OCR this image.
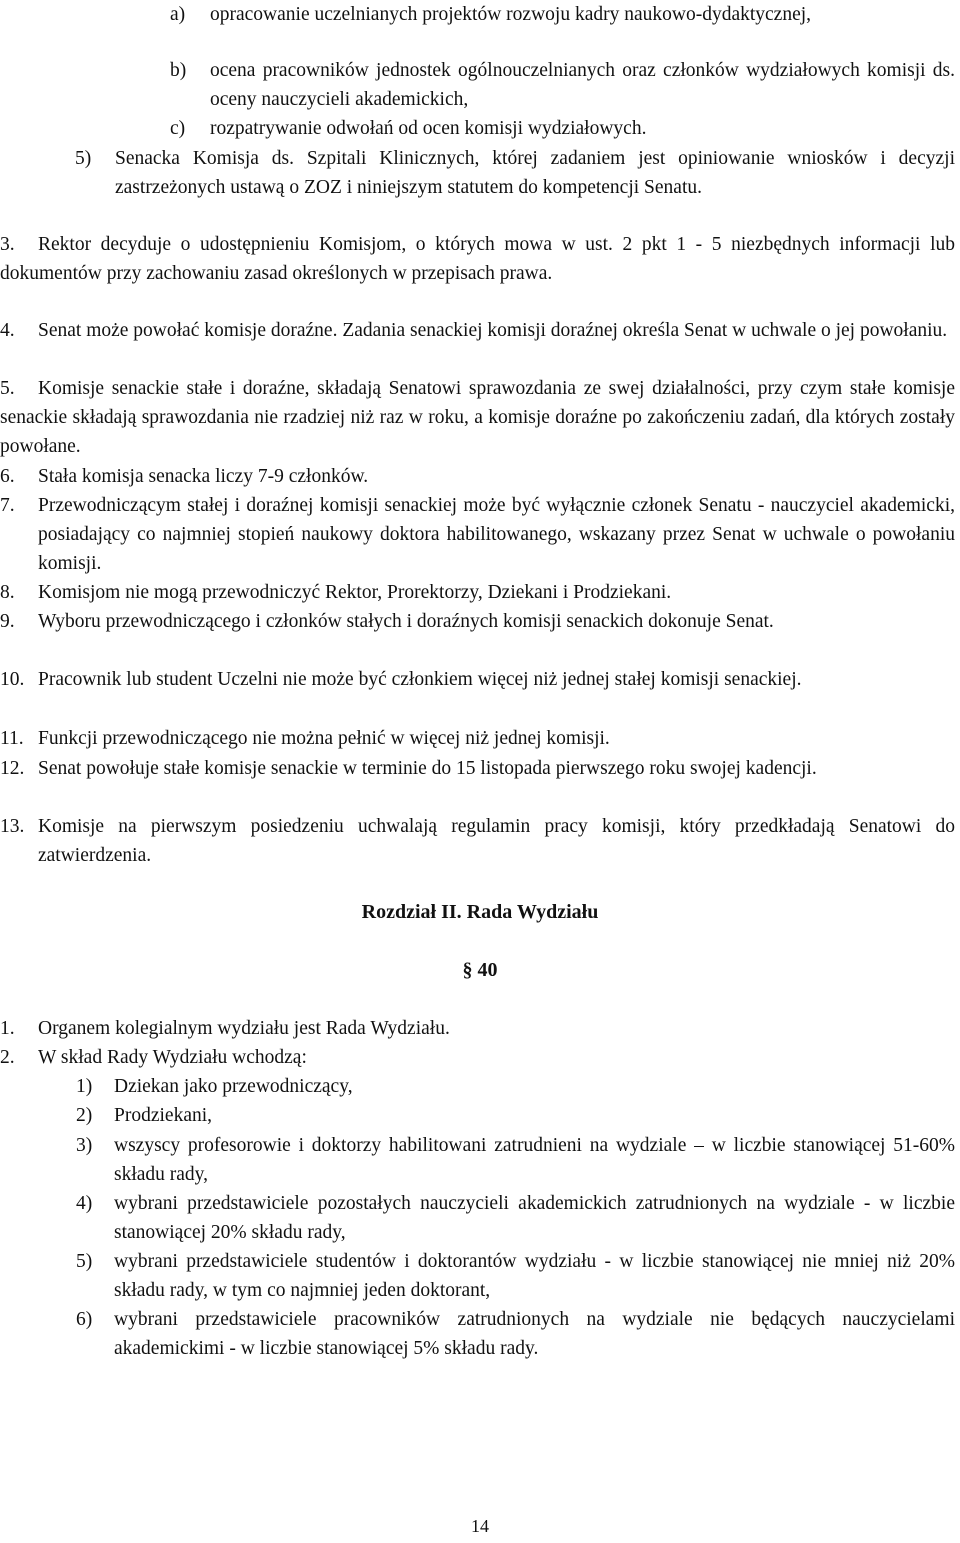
a) opracowanie uczelnianych projektów rozwoju kadry naukowo-dydaktycznej,
b) ocena pracowników jednostek ogólnouczelnianych oraz członków wydziałowych komisji ds. oceny nauczycieli akademickich,
c) rozpatrywanie odwołań od ocen komisji wydziałowych.
5) Senacka Komisja ds. Szpitali Klinicznych, której zadaniem jest opiniowanie wniosków i decyzji zastrzeżonych ustawą o ZOZ i niniejszym statutem do kompetencji Senatu.
3.	Rektor decyduje o udostępnieniu Komisjom, o których mowa w ust. 2 pkt 1 - 5 niezbędnych informacji lub dokumentów przy zachowaniu zasad określonych w przepisach prawa.
4.	Senat może powołać komisje doraźne. Zadania senackiej komisji doraźnej określa Senat w uchwale o jej powołaniu.
5.	Komisje senackie stałe i doraźne, składają Senatowi sprawozdania ze swej działalności, przy czym stałe komisje senackie składają sprawozdania nie rzadziej niż raz w roku, a komisje doraźne po zakończeniu zadań, dla których zostały powołane.
6. Stała komisja senacka liczy 7-9 członków.
7. Przewodniczącym stałej i doraźnej komisji senackiej może być wyłącznie członek Senatu - nauczyciel akademicki, posiadający co najmniej stopień naukowy doktora habilitowanego, wskazany przez Senat w uchwale o powołaniu komisji.
8. Komisjom nie mogą przewodniczyć Rektor, Prorektorzy, Dziekani i Prodziekani.
9. Wyboru przewodniczącego i członków stałych i doraźnych komisji senackich dokonuje Senat.
10. Pracownik lub student Uczelni nie może być członkiem więcej niż jednej stałej komisji senackiej.
11. Funkcji przewodniczącego nie można pełnić w więcej niż jednej komisji.
12. Senat powołuje stałe komisje senackie w terminie do 15 listopada pierwszego roku swojej kadencji.
13. Komisje na pierwszym posiedzeniu uchwalają regulamin pracy komisji, który przedkładają Senatowi do zatwierdzenia.
Rozdział II. Rada Wydziału
§ 40
1. Organem kolegialnym wydziału jest Rada Wydziału.
2. W skład Rady Wydziału wchodzą:
1) Dziekan jako przewodniczący,
2) Prodziekani,
3) wszyscy profesorowie i doktorzy habilitowani zatrudnieni na wydziale – w liczbie stanowiącej 51-60% składu rady,
4) wybrani przedstawiciele pozostałych nauczycieli akademickich zatrudnionych na wydziale - w liczbie stanowiącej 20% składu rady,
5) wybrani przedstawiciele studentów i doktorantów wydziału - w liczbie stanowiącej nie mniej niż 20% składu rady, w tym co najmniej jeden doktorant,
6) wybrani przedstawiciele pracowników zatrudnionych na wydziale nie będących nauczycielami akademickimi - w liczbie stanowiącej 5% składu rady.
14
